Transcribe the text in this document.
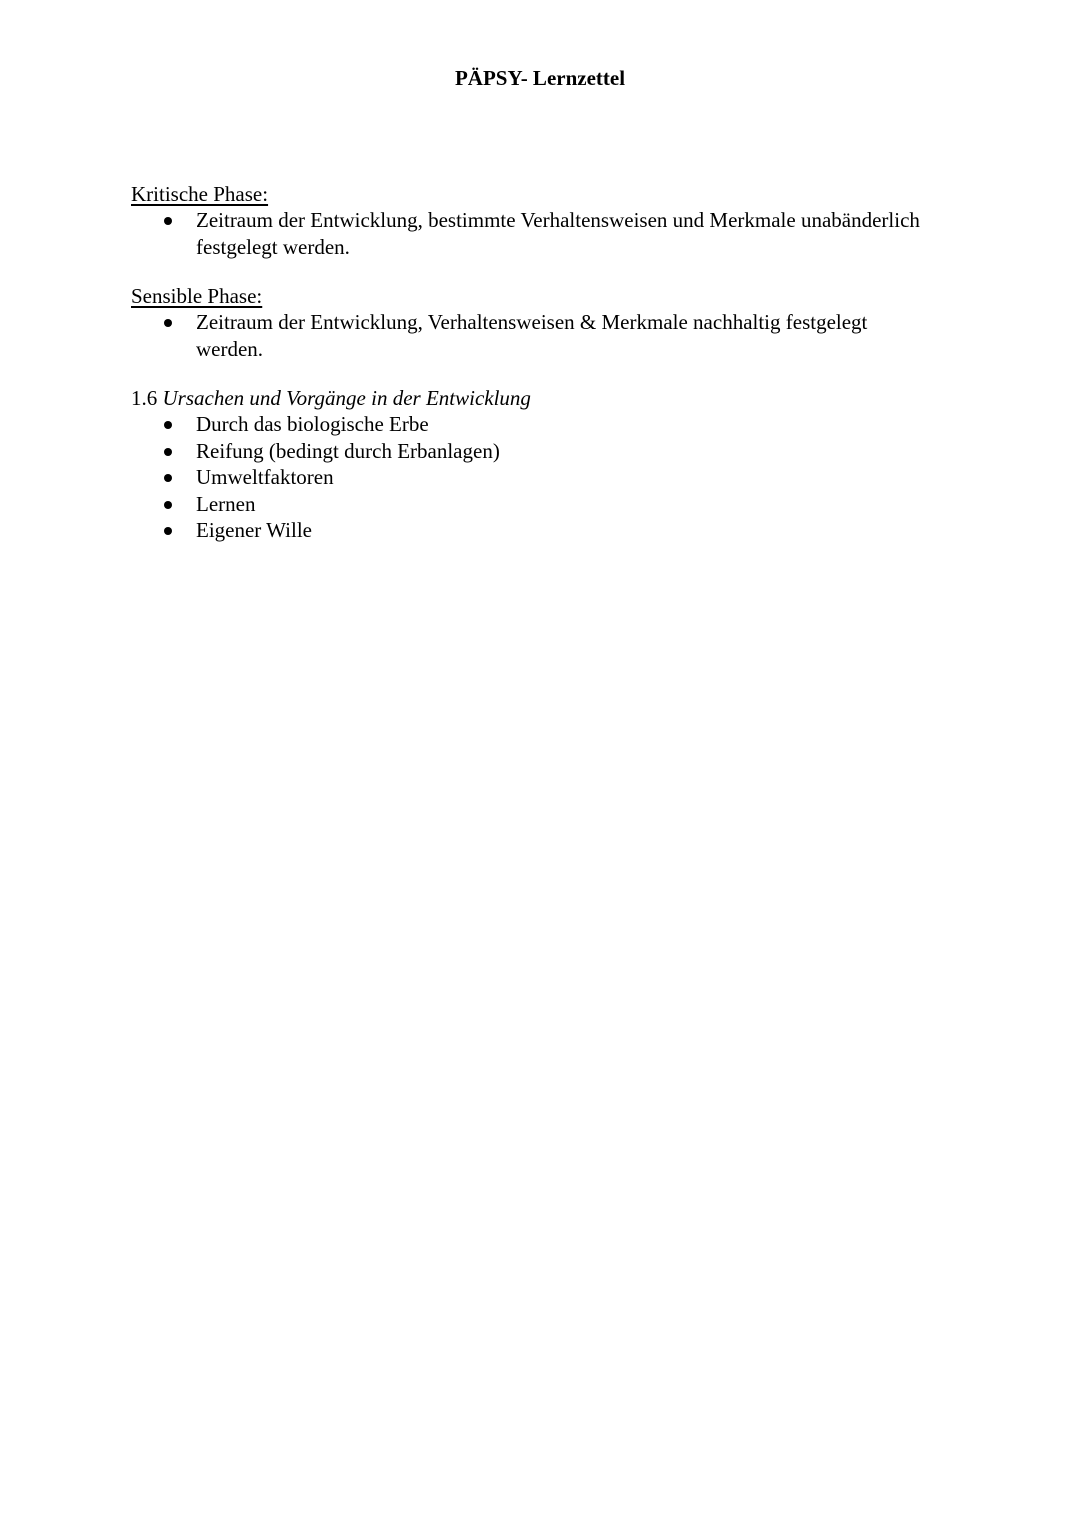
PÄPSY- Lernzettel

Kritische Phase:

Zeitraum der Entwicklung, bestimmte Verhaltensweisen und Merkmale unabänderlich festgelegt werden.

Sensible Phase:

Zeitraum der Entwicklung, Verhaltensweisen & Merkmale nachhaltig festgelegt werden.

1.6 Ursachen und Vorgänge in der Entwicklung

Durch das biologische Erbe
Reifung (bedingt durch Erbanlagen)
Umweltfaktoren
Lernen
Eigener Wille
